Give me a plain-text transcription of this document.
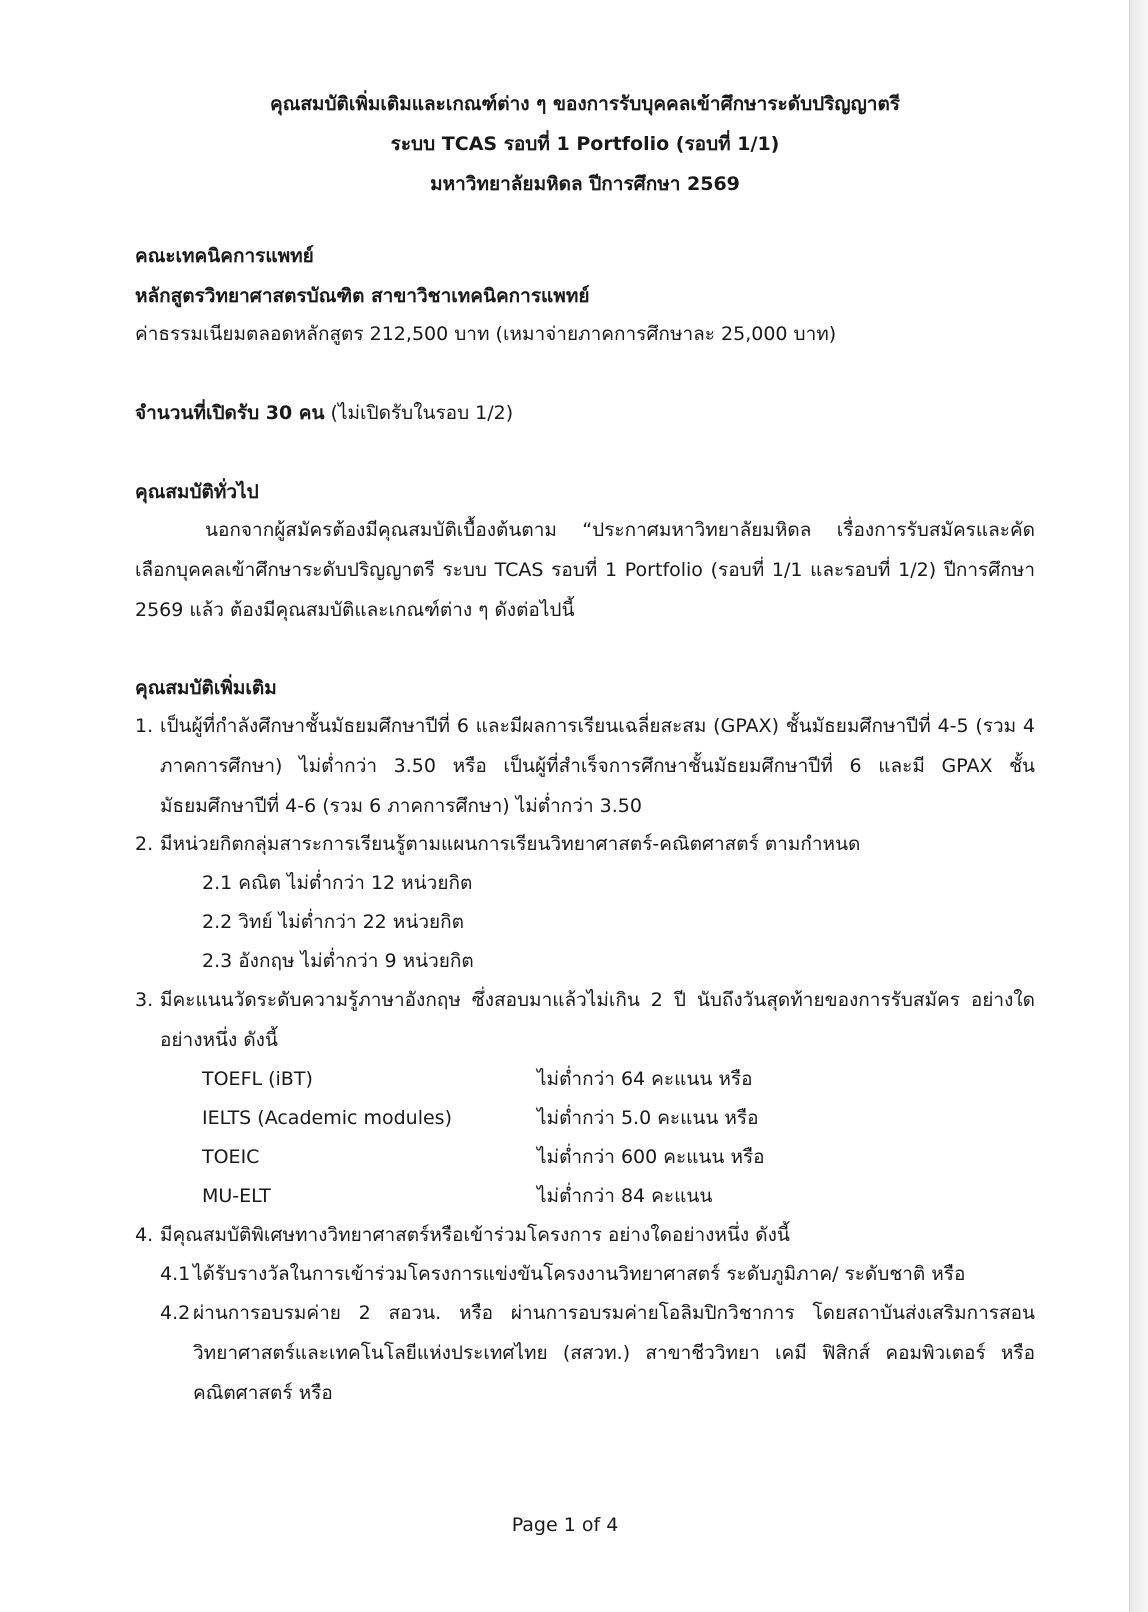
คุณสมบัติเพิ่มเติมและเกณฑ์ต่าง ๆ ของการรับบุคคลเข้าศึกษาระดับปริญญาตรี
ระบบ TCAS รอบที่ 1 Portfolio (รอบที่ 1/1)
มหาวิทยาลัยมหิดล ปีการศึกษา 2569
คณะเทคนิคการแพทย์
หลักสูตรวิทยาศาสตรบัณฑิต สาขาวิชาเทคนิคการแพทย์
ค่าธรรมเนียมตลอดหลักสูตร 212,500 บาท (เหมาจ่ายภาคการศึกษาละ 25,000 บาท)
จำนวนที่เปิดรับ 30 คน (ไม่เปิดรับในรอบ 1/2)
คุณสมบัติทั่วไป
นอกจากผู้สมัครต้องมีคุณสมบัติเบื้องต้นตาม “ประกาศมหาวิทยาลัยมหิดล เรื่องการรับสมัครและคัดเลือกบุคคลเข้าศึกษาระดับปริญญาตรี ระบบ TCAS รอบที่ 1 Portfolio (รอบที่ 1/1 และรอบที่ 1/2) ปีการศึกษา 2569 แล้ว ต้องมีคุณสมบัติและเกณฑ์ต่าง ๆ ดังต่อไปนี้
คุณสมบัติเพิ่มเติม
1. เป็นผู้ที่กำลังศึกษาชั้นมัธยมศึกษาปีที่ 6 และมีผลการเรียนเฉลี่ยสะสม (GPAX) ชั้นมัธยมศึกษาปีที่ 4-5 (รวม 4 ภาคการศึกษา) ไม่ต่ำกว่า 3.50 หรือ เป็นผู้ที่สำเร็จการศึกษาชั้นมัธยมศึกษาปีที่ 6 และมี GPAX ชั้นมัธยมศึกษาปีที่ 4-6 (รวม 6 ภาคการศึกษา) ไม่ต่ำกว่า 3.50
2. มีหน่วยกิตกลุ่มสาระการเรียนรู้ตามแผนการเรียนวิทยาศาสตร์-คณิตศาสตร์ ตามกำหนด
2.1 คณิต ไม่ต่ำกว่า 12 หน่วยกิต
2.2 วิทย์ ไม่ต่ำกว่า 22 หน่วยกิต
2.3 อังกฤษ ไม่ต่ำกว่า 9 หน่วยกิต
3. มีคะแนนวัดระดับความรู้ภาษาอังกฤษ ซึ่งสอบมาแล้วไม่เกิน 2 ปี นับถึงวันสุดท้ายของการรับสมัคร อย่างใดอย่างหนึ่ง ดังนี้
TOEFL (iBT)	ไม่ต่ำกว่า 64 คะแนน หรือ
IELTS (Academic modules)	ไม่ต่ำกว่า 5.0 คะแนน หรือ
TOEIC	ไม่ต่ำกว่า 600 คะแนน หรือ
MU-ELT	ไม่ต่ำกว่า 84 คะแนน
4. มีคุณสมบัติพิเศษทางวิทยาศาสตร์หรือเข้าร่วมโครงการ อย่างใดอย่างหนึ่ง ดังนี้
4.1 ได้รับรางวัลในการเข้าร่วมโครงการแข่งขันโครงงานวิทยาศาสตร์ ระดับภูมิภาค/ ระดับชาติ หรือ
4.2 ผ่านการอบรมค่าย 2 สอวน. หรือ ผ่านการอบรมค่ายโอลิมปิกวิชาการ โดยสถาบันส่งเสริมการสอนวิทยาศาสตร์และเทคโนโลยีแห่งประเทศไทย (สสวท.) สาขาชีววิทยา เคมี ฟิสิกส์ คอมพิวเตอร์ หรือคณิตศาสตร์ หรือ
Page 1 of 4
